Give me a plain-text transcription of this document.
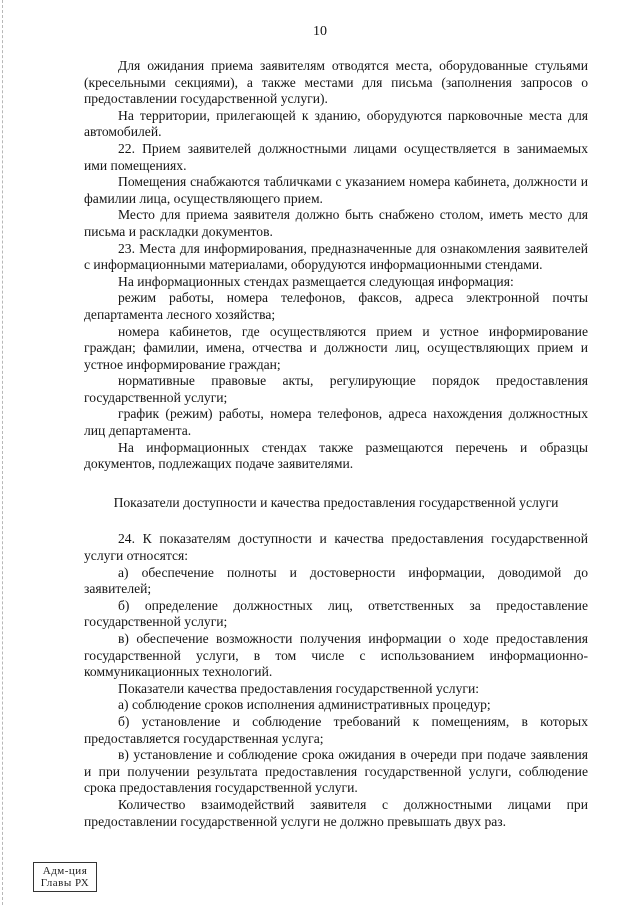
10

Для ожидания приема заявителям отводятся места, оборудованные стульями (кресельными секциями), а также местами для письма (заполнения запросов о предоставлении государственной услуги).

На территории, прилегающей к зданию, оборудуются парковочные места для автомобилей.

22. Прием заявителей должностными лицами осуществляется в занимаемых ими помещениях.

Помещения снабжаются табличками с указанием номера кабинета, должности и фамилии лица, осуществляющего прием.

Место для приема заявителя должно быть снабжено столом, иметь место для письма и раскладки документов.

23. Места для информирования, предназначенные для ознакомления заявителей с информационными материалами, оборудуются информационными стендами.

На информационных стендах размещается следующая информация:

режим работы, номера телефонов, факсов, адреса электронной почты департамента лесного хозяйства;

номера кабинетов, где осуществляются прием и устное информирование граждан; фамилии, имена, отчества и должности лиц, осуществляющих прием и устное информирование граждан;

нормативные правовые акты, регулирующие порядок предоставления государственной услуги;

график (режим) работы, номера телефонов, адреса нахождения должностных лиц департамента.

На информационных стендах также размещаются перечень и образцы документов, подлежащих подаче заявителями.

Показатели доступности и качества предоставления государственной услуги

24. К показателям доступности и качества предоставления государственной услуги относятся:

а) обеспечение полноты и достоверности информации, доводимой до заявителей;

б) определение должностных лиц, ответственных за предоставление государственной услуги;

в) обеспечение возможности получения информации о ходе предоставления государственной услуги, в том числе с использованием информационно-коммуникационных технологий.

Показатели качества предоставления государственной услуги:

а) соблюдение сроков исполнения административных процедур;

б) установление и соблюдение требований к помещениям, в которых предоставляется государственная услуга;

в) установление и соблюдение срока ожидания в очереди при подаче заявления и при получении результата предоставления государственной услуги, соблюдение срока предоставления государственной услуги.

Количество взаимодействий заявителя с должностными лицами при предоставлении государственной услуги не должно превышать двух раз.

Адм-ция
Главы РХ
